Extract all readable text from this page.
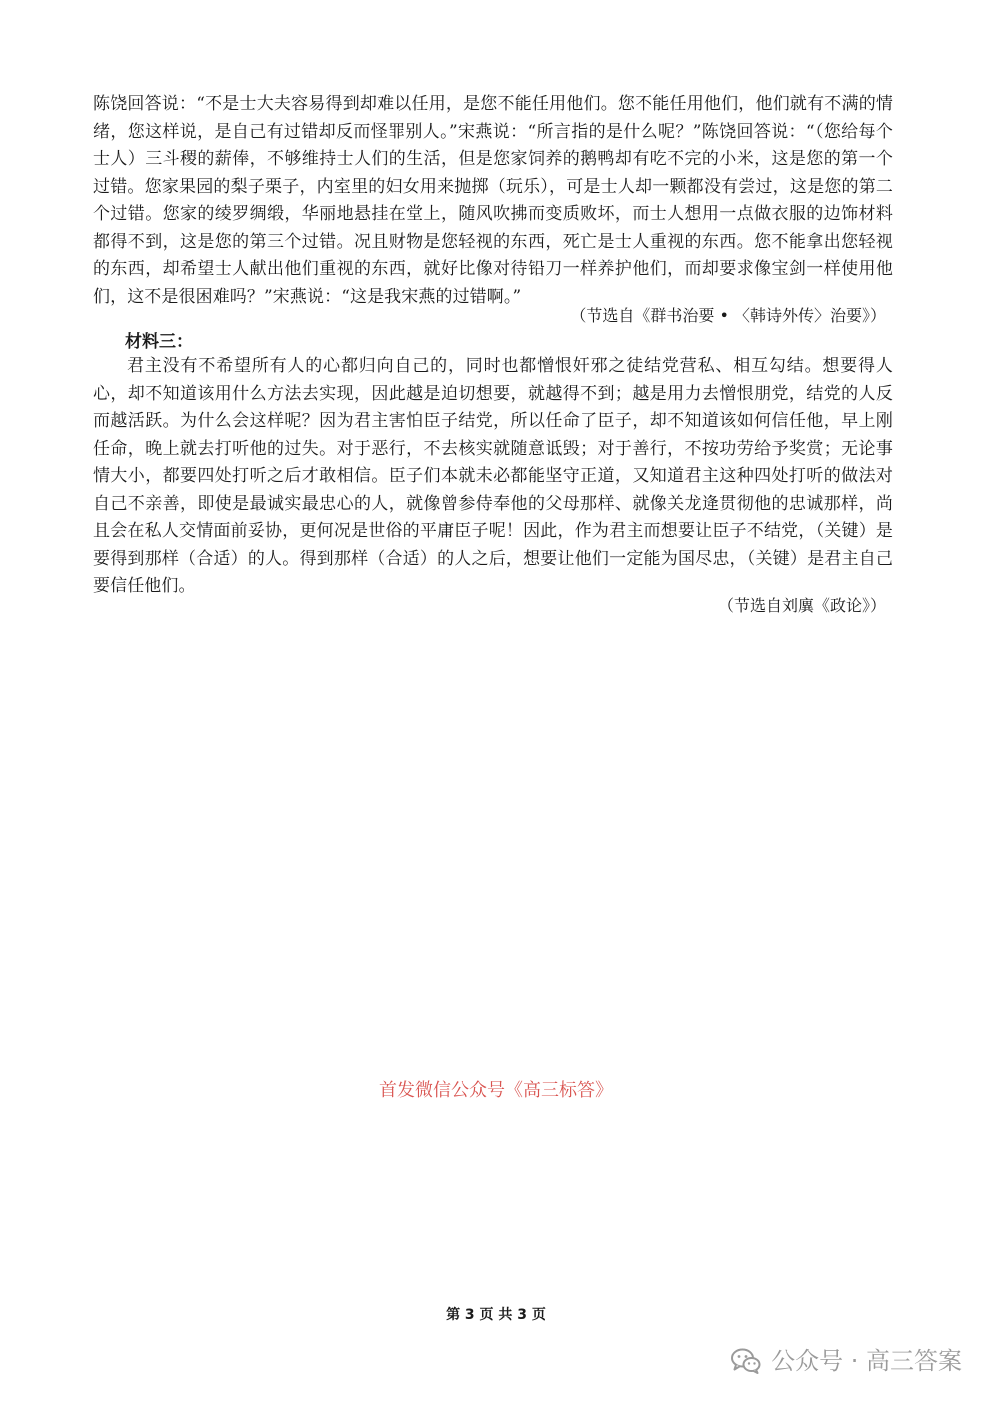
陈饶回答说：“不是士大夫容易得到却难以任用，是您不能任用他们。您不能任用他们，他们就有不满的情绪，您这样说，是自己有过错却反而怪罪别人。”宋燕说：“所言指的是什么呢？”陈饶回答说：“（您给每个士人）三斗稷的薪俸，不够维持士人们的生活，但是您家饲养的鹅鸭却有吃不完的小米，这是您的第一个过错。您家果园的梨子栗子，内室里的妇女用来抛掷（玩乐），可是士人却一颗都没有尝过，这是您的第二个过错。您家的绫罗绸缎，华丽地悬挂在堂上，随风吹拂而变质败坏，而士人想用一点做衣服的边饰材料都得不到，这是您的第三个过错。况且财物是您轻视的东西，死亡是士人重视的东西。您不能拿出您轻视的东西，却希望士人献出他们重视的东西，就好比像对待铅刀一样养护他们，而却要求像宝剑一样使用他们，这不是很困难吗？”宋燕说：“这是我宋燕的过错啊。”
（节选自《群书治要 • 〈韩诗外传〉治要》）
材料三：
君主没有不希望所有人的心都归向自己的，同时也都憎恨奸邪之徒结党营私、相互勾结。想要得人心，却不知道该用什么方法去实现，因此越是迫切想要，就越得不到；越是用力去憎恨朋党，结党的人反而越活跃。为什么会这样呢？因为君主害怕臣子结党，所以任命了臣子，却不知道该如何信任他，早上刚任命，晚上就去打听他的过失。对于恶行，不去核实就随意诋毁；对于善行，不按功劳给予奖赏；无论事情大小，都要四处打听之后才敢相信。臣子们本就未必都能坚守正道，又知道君主这种四处打听的做法对自己不亲善，即使是最诚实最忠心的人，就像曾参侍奉他的父母那样、就像关龙逄贯彻他的忠诚那样，尚且会在私人交情面前妥协，更何况是世俗的平庸臣子呢！因此，作为君主而想要让臣子不结党，（关键）是要得到那样（合适）的人。得到那样（合适）的人之后，想要让他们一定能为国尽忠，（关键）是君主自己要信任他们。
（节选自刘廙《政论》）
首发微信公众号《高三标答》
第 3 页 共 3 页
公众号 · 高三答案
